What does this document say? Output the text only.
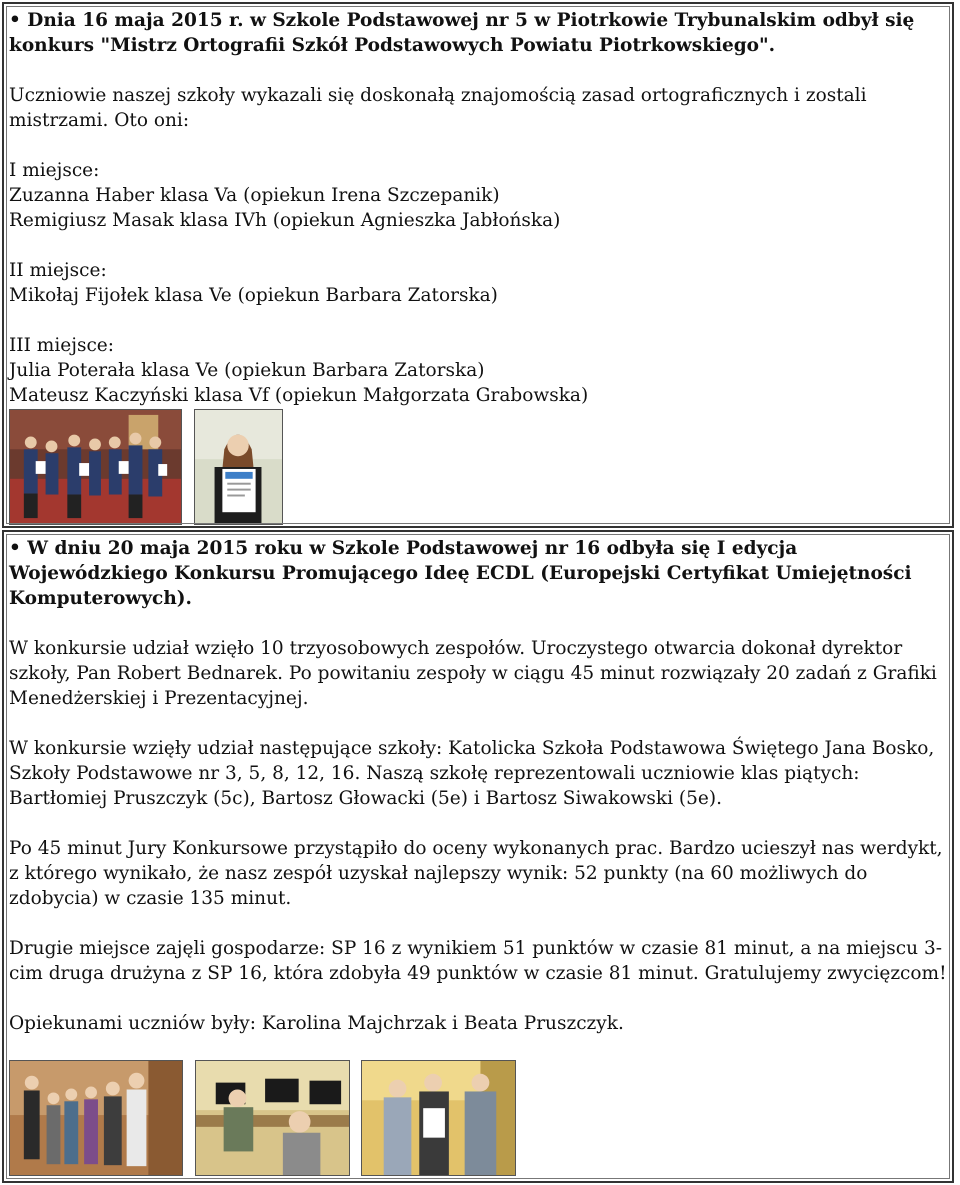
• Dnia 16 maja 2015 r. w Szkole Podstawowej nr 5 w Piotrkowie Trybunalskim odbył się konkurs "Mistrz Ortografii Szkół Podstawowych Powiatu Piotrkowskiego".

Uczniowie naszej szkoły wykazali się doskonałą znajomością zasad ortograficznych i zostali mistrzami. Oto oni:

I miejsce:

Zuzanna Haber klasa Va (opiekun Irena Szczepanik)

Remigiusz Masak klasa IVh (opiekun Agnieszka Jabłońska)

II miejsce:

Mikołaj Fijołek klasa Ve (opiekun Barbara Zatorska)

III miejsce:

Julia Poterała klasa Ve (opiekun Barbara Zatorska)

Mateusz Kaczyński klasa Vf (opiekun Małgorzata Grabowska)

• W dniu 20 maja 2015 roku w Szkole Podstawowej nr 16 odbyła się I edycja Wojewódzkiego Konkursu Promującego Ideę ECDL (Europejski Certyfikat Umiejętności Komputerowych).

W konkursie udział wzięło 10 trzyosobowych zespołów. Uroczystego otwarcia dokonał dyrektor szkoły, Pan Robert Bednarek. Po powitaniu zespoły w ciągu 45 minut rozwiązały 20 zadań z Grafiki Menedżerskiej i Prezentacyjnej.

W konkursie wzięły udział następujące szkoły: Katolicka Szkoła Podstawowa Świętego Jana Bosko, Szkoły Podstawowe nr 3, 5, 8, 12, 16. Naszą szkołę reprezentowali uczniowie klas piątych: Bartłomiej Pruszczyk (5c), Bartosz Głowacki (5e) i Bartosz Siwakowski (5e).

Po 45 minut Jury Konkursowe przystąpiło do oceny wykonanych prac. Bardzo ucieszył nas werdykt, z którego wynikało, że nasz zespół uzyskał najlepszy wynik: 52 punkty (na 60 możliwych do zdobycia) w czasie 135 minut.

Drugie miejsce zajęli gospodarze: SP 16 z wynikiem 51 punktów w czasie 81 minut, a na miejscu 3-cim druga drużyna z SP 16, która zdobyła 49 punktów w czasie 81 minut. Gratulujemy zwycięzcom!

Opiekunami uczniów były: Karolina Majchrzak i Beata Pruszczyk.
